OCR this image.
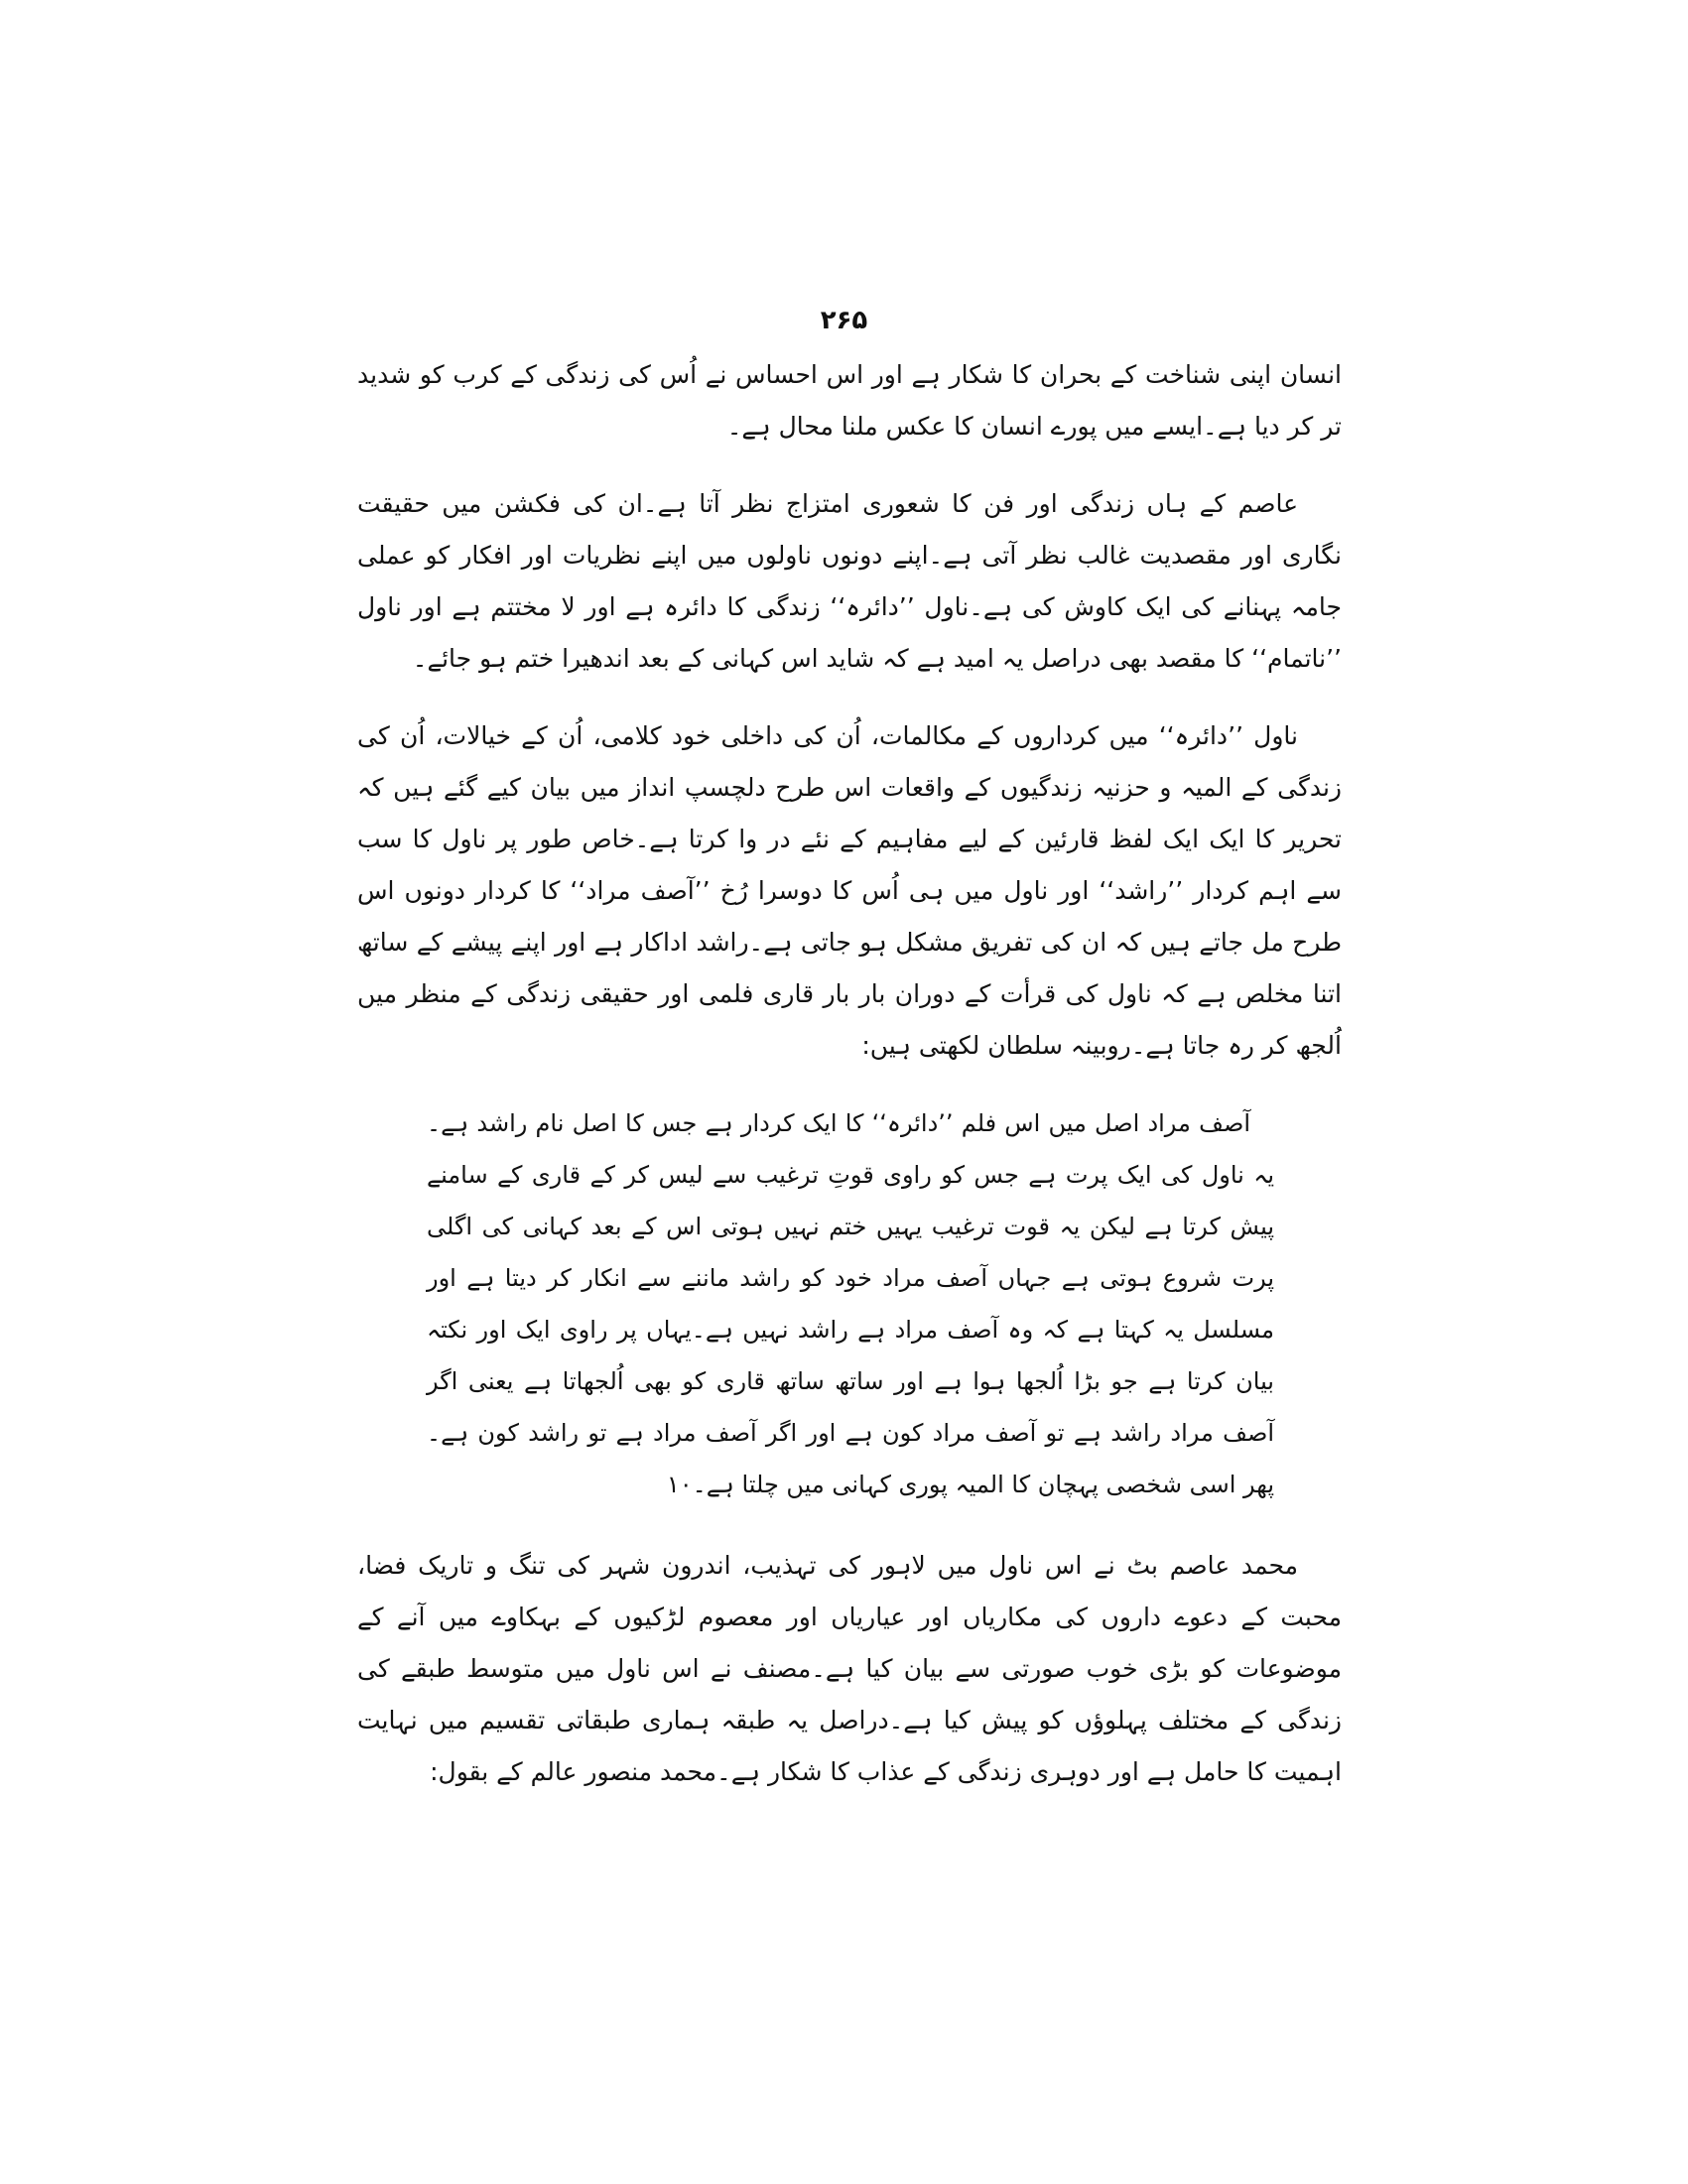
۲۶۵

انسان اپنی شناخت کے بحران کا شکار ہے اور اس احساس نے اُس کی زندگی کے کرب کو شدید تر کر دیا ہے۔ایسے میں پورے انسان کا عکس ملنا محال ہے۔

عاصم کے ہاں زندگی اور فن کا شعوری امتزاج نظر آتا ہے۔ان کی فکشن میں حقیقت نگاری اور مقصدیت غالب نظر آتی ہے۔اپنے دونوں ناولوں میں اپنے نظریات اور افکار کو عملی جامہ پہنانے کی ایک کاوش کی ہے۔ناول ’’دائرہ‘‘ زندگی کا دائرہ ہے اور لا مختتم ہے اور ناول ’’ناتمام‘‘ کا مقصد بھی دراصل یہ امید ہے کہ شاید اس کہانی کے بعد اندھیرا ختم ہو جائے۔

ناول ’’دائرہ‘‘ میں کرداروں کے مکالمات، اُن کی داخلی خود کلامی، اُن کے خیالات، اُن کی زندگی کے المیہ و حزنیہ زندگیوں کے واقعات اس طرح دلچسپ انداز میں بیان کیے گئے ہیں کہ تحریر کا ایک ایک لفظ قارئین کے لیے مفاہیم کے نئے در وا کرتا ہے۔خاص طور پر ناول کا سب سے اہم کردار ’’راشد‘‘ اور ناول میں ہی اُس کا دوسرا رُخ ’’آصف مراد‘‘ کا کردار دونوں اس طرح مل جاتے ہیں کہ ان کی تفریق مشکل ہو جاتی ہے۔راشد اداکار ہے اور اپنے پیشے کے ساتھ اتنا مخلص ہے کہ ناول کی قرأت کے دوران بار بار قاری فلمی اور حقیقی زندگی کے منظر میں اُلجھ کر رہ جاتا ہے۔روبینہ سلطان لکھتی ہیں:

آصف مراد اصل میں اس فلم ’’دائرہ‘‘ کا ایک کردار ہے جس کا اصل نام راشد ہے۔یہ ناول کی ایک پرت ہے جس کو راوی قوتِ ترغیب سے لیس کر کے قاری کے سامنے پیش کرتا ہے لیکن یہ قوت ترغیب یہیں ختم نہیں ہوتی اس کے بعد کہانی کی اگلی پرت شروع ہوتی ہے جہاں آصف مراد خود کو راشد ماننے سے انکار کر دیتا ہے اور مسلسل یہ کہتا ہے کہ وہ آصف مراد ہے راشد نہیں ہے۔یہاں پر راوی ایک اور نکتہ بیان کرتا ہے جو بڑا اُلجھا ہوا ہے اور ساتھ ساتھ قاری کو بھی اُلجھاتا ہے یعنی اگر آصف مراد راشد ہے تو آصف مراد کون ہے اور اگر آصف مراد ہے تو راشد کون ہے۔پھر اسی شخصی پہچان کا المیہ پوری کہانی میں چلتا ہے۔۱۰

محمد عاصم بٹ نے اس ناول میں لاہور کی تہذیب، اندرون شہر کی تنگ و تاریک فضا، محبت کے دعوے داروں کی مکاریاں اور عیاریاں اور معصوم لڑکیوں کے بہکاوے میں آنے کے موضوعات کو بڑی خوب صورتی سے بیان کیا ہے۔مصنف نے اس ناول میں متوسط طبقے کی زندگی کے مختلف پہلوؤں کو پیش کیا ہے۔دراصل یہ طبقہ ہماری طبقاتی تقسیم میں نہایت اہمیت کا حامل ہے اور دوہری زندگی کے عذاب کا شکار ہے۔محمد منصور عالم کے بقول:
